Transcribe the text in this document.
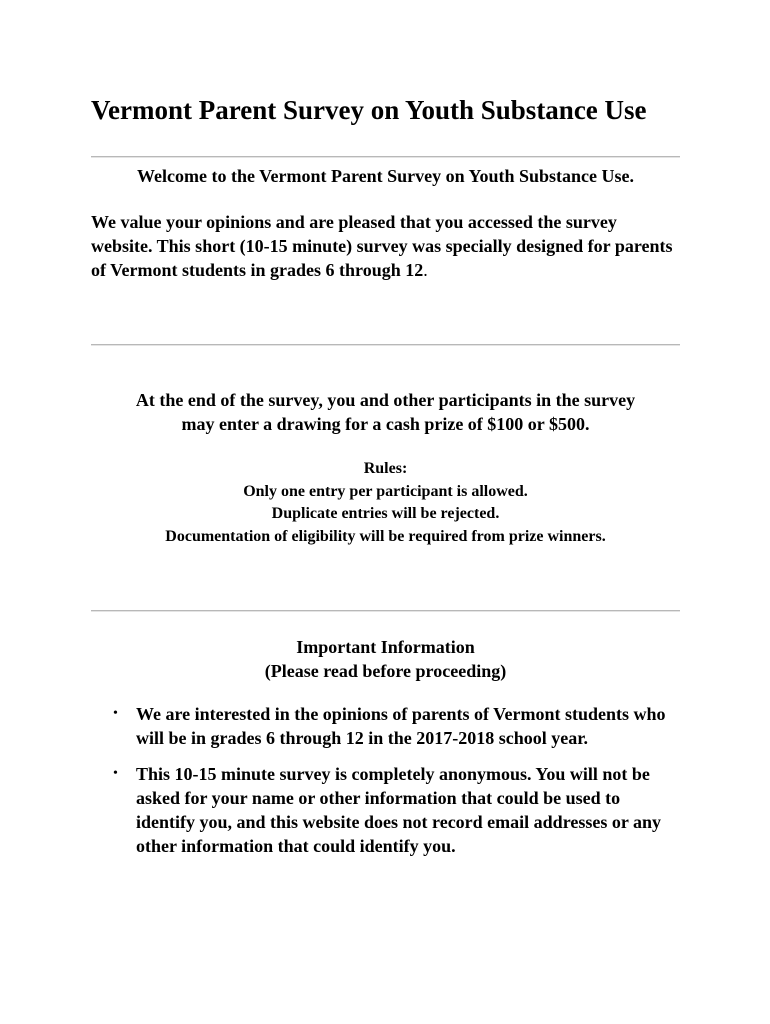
Vermont Parent Survey on Youth Substance Use
Welcome to the Vermont Parent Survey on Youth Substance Use.
We value your opinions and are pleased that you accessed the survey website. This short (10-15 minute) survey was specially designed for parents of Vermont students in grades 6 through 12.
At the end of the survey, you and other participants in the survey
may enter a drawing for a cash prize of $100 or $500.
Rules:
Only one entry per participant is allowed.
Duplicate entries will be rejected.
Documentation of eligibility will be required from prize winners.
Important Information
(Please read before proceeding)
• We are interested in the opinions of parents of Vermont students who will be in grades 6 through 12 in the 2017-2018 school year.
• This 10-15 minute survey is completely anonymous. You will not be asked for your name or other information that could be used to identify you, and this website does not record email addresses or any other information that could identify you.
